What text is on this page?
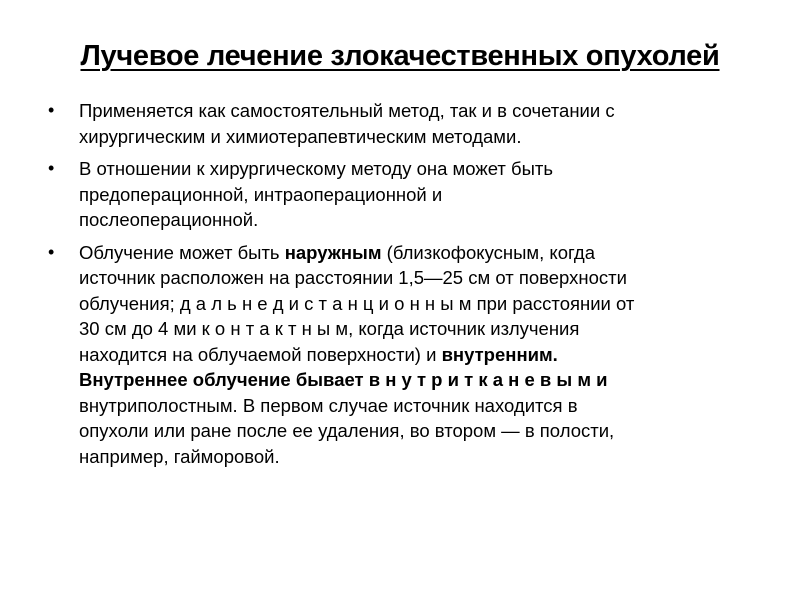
Лучевое лечение злокачественных опухолей
• Применяется как самостоятельный метод, так и в сочетании с
хирургическим и химиотерапевтическим методами.
• В отношении к хирургическому методу она может быть
предоперационной, интраоперационной и
послеоперационной.
• Облучение может быть наружным (близкофокусным, когда
источник расположен на расстоянии 1,5—25 см от поверхности
облучения; д а л ь н е д и с т а н ц и о н н ы м при расстоянии от
30 см до 4 ми к о н т а к т н ы м, когда источник излучения
находится на облучаемой поверхности) и внутренним.
Внутреннее облучение бывает в н у т р и т к а н е в ы м и
внутриполостным. В первом случае источник находится в
опухоли или ране после ее удаления, во втором — в полости,
например, гайморовой.
